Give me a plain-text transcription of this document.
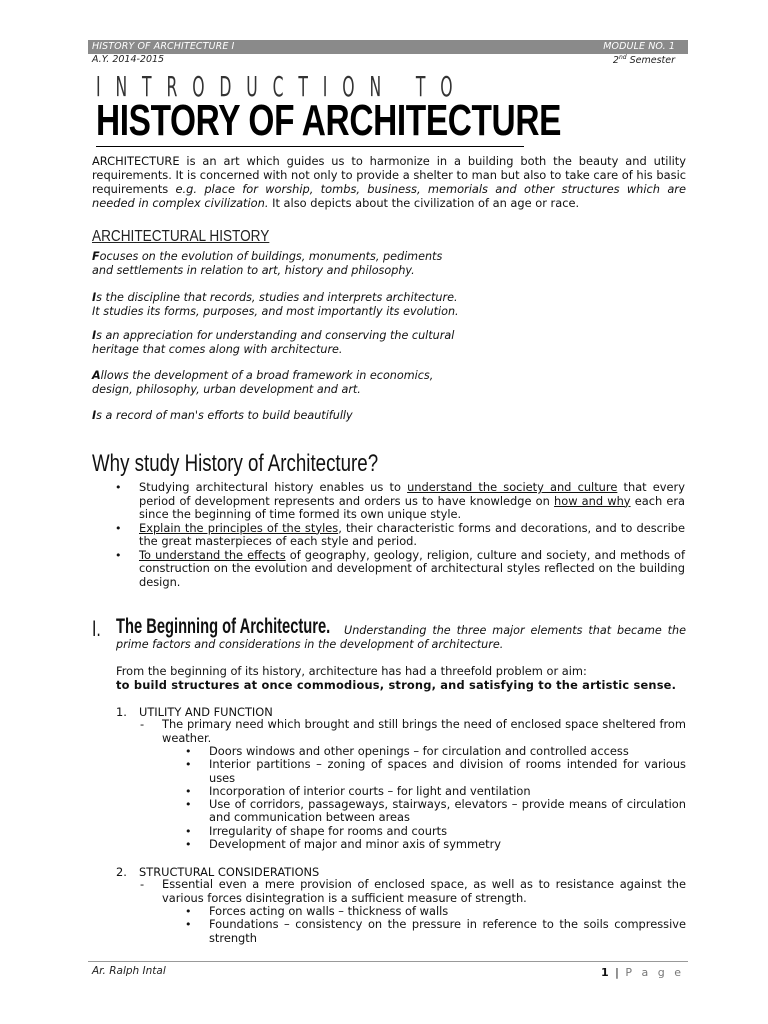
HISTORY OF ARCHITECTURE I	MODULE NO. 1
A.Y. 2014-2015	2nd Semester
INTRODUCTION TO
HISTORY OF ARCHITECTURE
ARCHITECTURE is an art which guides us to harmonize in a building both the beauty and utility requirements. It is concerned with not only to provide a shelter to man but also to take care of his basic requirements e.g. place for worship, tombs, business, memorials and other structures which are needed in complex civilization. It also depicts about the civilization of an age or race.
ARCHITECTURAL HISTORY
Focuses on the evolution of buildings, monuments, pediments
and settlements in relation to art, history and philosophy.
Is the discipline that records, studies and interprets architecture.
It studies its forms, purposes, and most importantly its evolution.
Is an appreciation for understanding and conserving the cultural
heritage that comes along with architecture.
Allows the development of a broad framework in economics,
design, philosophy, urban development and art.
Is a record of man's efforts to build beautifully
Why study History of Architecture?
• Studying architectural history enables us to understand the society and culture that every period of development represents and orders us to have knowledge on how and why each era since the beginning of time formed its own unique style.
• Explain the principles of the styles, their characteristic forms and decorations, and to describe the great masterpieces of each style and period.
• To understand the effects of geography, geology, religion, culture and society, and methods of construction on the evolution and development of architectural styles reflected on the building design.
I. The Beginning of Architecture.	Understanding the three major elements that became the prime factors and considerations in the development of architecture.
From the beginning of its history, architecture has had a threefold problem or aim:
to build structures at once commodious, strong, and satisfying to the artistic sense.
1. UTILITY AND FUNCTION
- The primary need which brought and still brings the need of enclosed space sheltered from weather.
• Doors windows and other openings – for circulation and controlled access
• Interior partitions – zoning of spaces and division of rooms intended for various uses
• Incorporation of interior courts – for light and ventilation
• Use of corridors, passageways, stairways, elevators – provide means of circulation and communication between areas
• Irregularity of shape for rooms and courts
• Development of major and minor axis of symmetry
2. STRUCTURAL CONSIDERATIONS
- Essential even a mere provision of enclosed space, as well as to resistance against the various forces disintegration is a sufficient measure of strength.
• Forces acting on walls – thickness of walls
• Foundations – consistency on the pressure in reference to the soils compressive strength
Ar. Ralph Intal	1 | P a g e
